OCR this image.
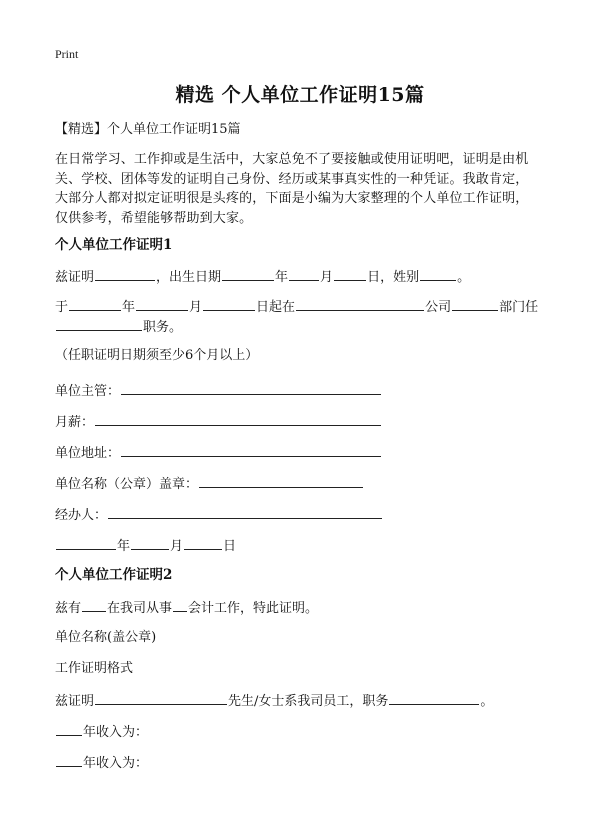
Print
精选 个人单位工作证明15篇
【精选】个人单位工作证明15篇
在日常学习、工作抑或是生活中，大家总免不了要接触或使用证明吧，证明是由机
关、学校、团体等发的证明自己身份、经历或某事真实性的一种凭证。我敢肯定，
大部分人都对拟定证明很是头疼的，下面是小编为大家整理的个人单位工作证明，
仅供参考，希望能够帮助到大家。
个人单位工作证明1
兹证明	，出生日期	年 月	日，姓别	。
于	年	月	日起在	公司	部门任
职务。
（任职证明日期须至少6个月以上）
单位主管：
月薪：
单位地址：
单位名称（公章）盖章：
经办人：
年	月	日
个人单位工作证明2
兹有 在我司从事 会计工作，特此证明。
单位名称(盖公章)
工作证明格式
兹证明	先生/女士系我司员工，职务	。
年收入为：
年收入为：
